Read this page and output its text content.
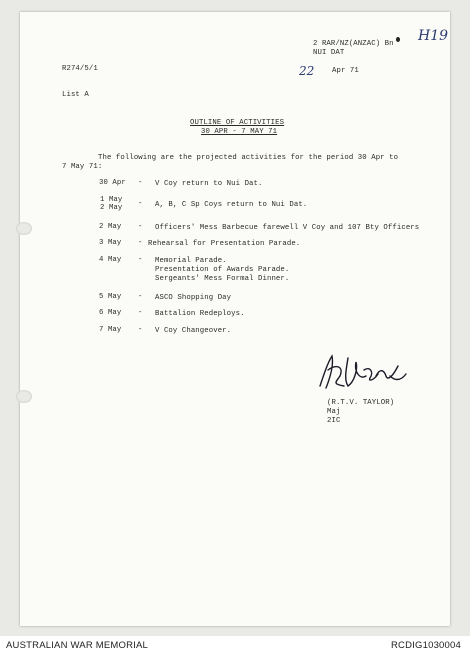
2 RAR/NZ(ANZAC) Bn
NUI DAT
H19
R274/5/1	22 Apr 71
List A
OUTLINE OF ACTIVITIES
30 APR - 7 MAY 71
The following are the projected activities for the period 30 Apr to
7 May 71:
30 Apr - V Coy return to Nui Dat.
1 May
2 May - A, B, C Sp Coys return to Nui Dat.
2 May - Officers' Mess Barbecue farewell V Coy and 107 Bty Officers
3 May - Rehearsal for Presentation Parade.
4 May - Memorial Parade.
Presentation of Awards Parade.
Sergeants' Mess Formal Dinner.
5 May - ASCO Shopping Day
6 May - Battalion Redeploys.
7 May - V Coy Changeover.
(R.T.V. TAYLOR)
Maj
2IC
AUSTRALIAN WAR MEMORIAL	RCDIG1030004
